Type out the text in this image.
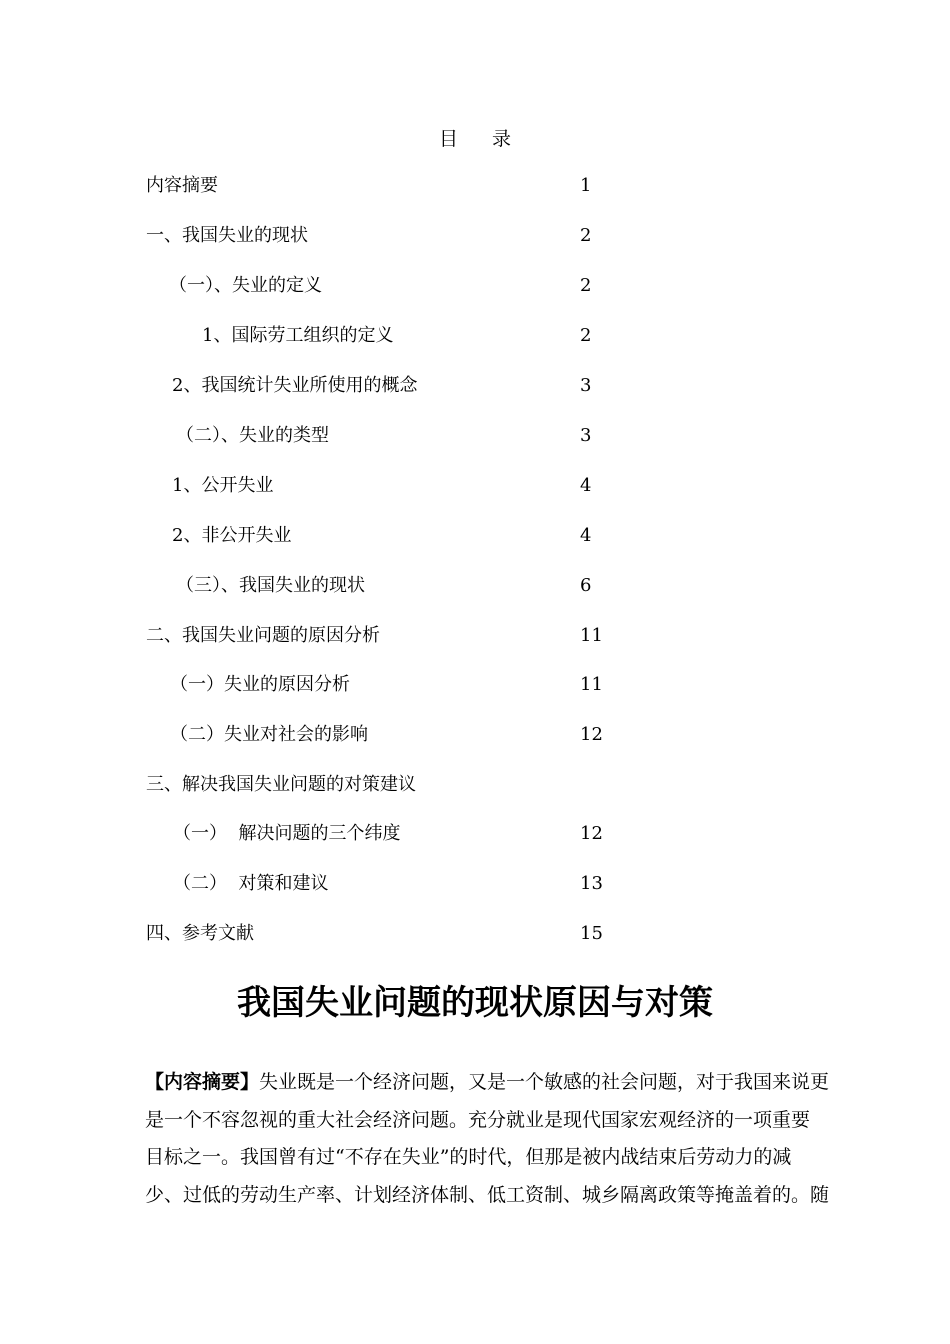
目 录
内容摘要	1
一、我国失业的现状	2
（一）、失业的定义	2
1、国际劳工组织的定义	2
2、我国统计失业所使用的概念	3
（二）、失业的类型	3
1、公开失业	4
2、非公开失业	4
（三）、我国失业的现状	6
二、我国失业问题的原因分析	11
（一）失业的原因分析	11
（二）失业对社会的影响	12
三、解决我国失业问题的对策建议
（一）  解决问题的三个纬度	12
（二）  对策和建议	13
四、参考文献	15
我国失业问题的现状原因与对策
【内容摘要】失业既是一个经济问题，又是一个敏感的社会问题，对于我国来说更
是一个不容忽视的重大社会经济问题。充分就业是现代国家宏观经济的一项重要
目标之一。我国曾有过“不存在失业”的时代，但那是被内战结束后劳动力的减
少、过低的劳动生产率、计划经济体制、低工资制、城乡隔离政策等掩盖着的。随
